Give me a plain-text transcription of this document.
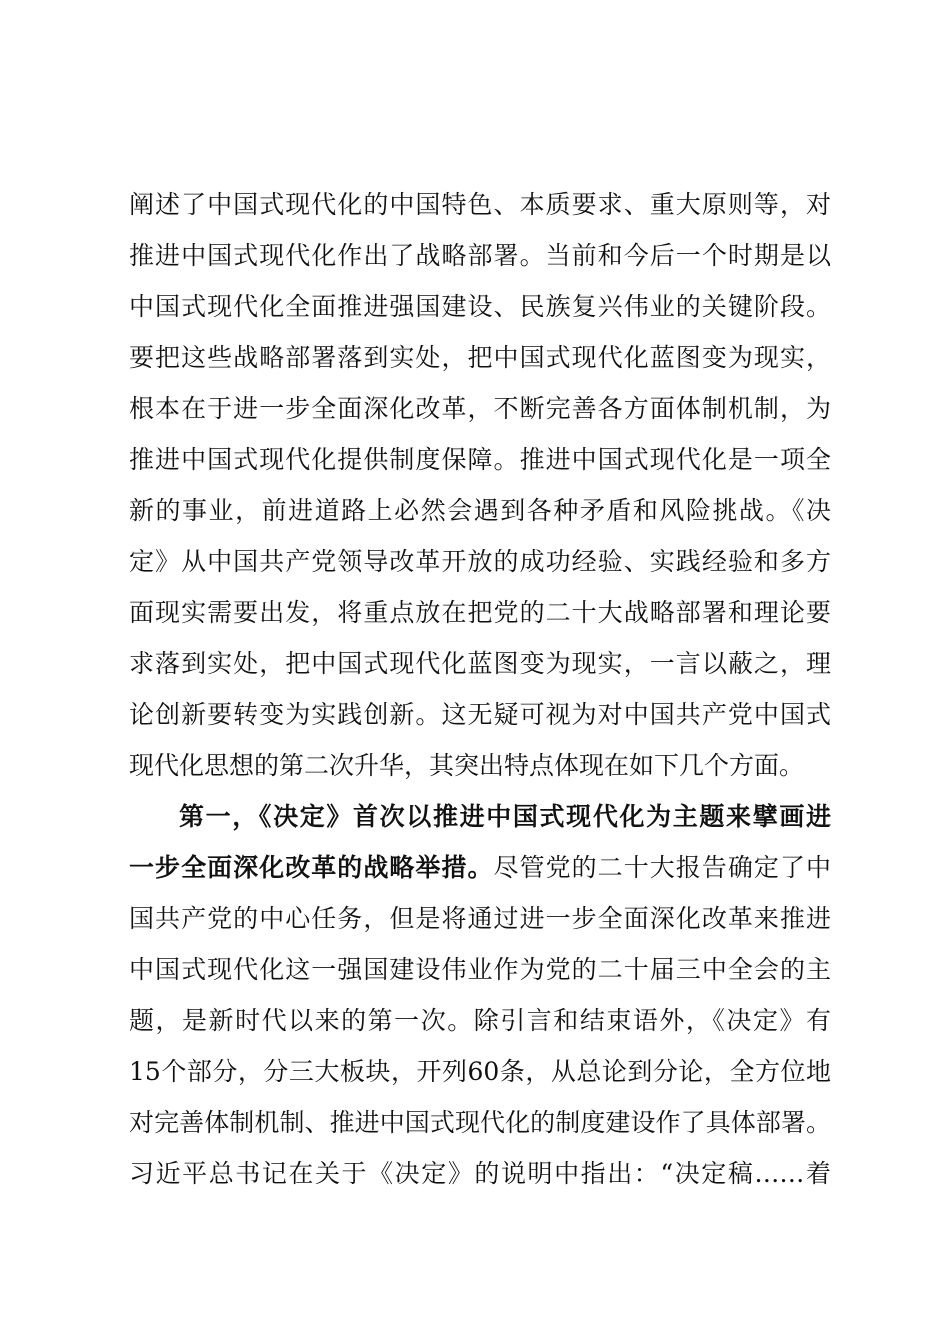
阐述了中国式现代化的中国特色、本质要求、重大原则等，对
推进中国式现代化作出了战略部署。当前和今后一个时期是以
中国式现代化全面推进强国建设、民族复兴伟业的关键阶段。
要把这些战略部署落到实处，把中国式现代化蓝图变为现实，
根本在于进一步全面深化改革，不断完善各方面体制机制，为
推进中国式现代化提供制度保障。推进中国式现代化是一项全
新的事业，前进道路上必然会遇到各种矛盾和风险挑战。《决
定》从中国共产党领导改革开放的成功经验、实践经验和多方
面现实需要出发，将重点放在把党的二十大战略部署和理论要
求落到实处，把中国式现代化蓝图变为现实，一言以蔽之，理
论创新要转变为实践创新。这无疑可视为对中国共产党中国式
现代化思想的第二次升华，其突出特点体现在如下几个方面。
第一，《决定》首次以推进中国式现代化为主题来擘画进
一步全面深化改革的战略举措。尽管党的二十大报告确定了中
国共产党的中心任务，但是将通过进一步全面深化改革来推进
中国式现代化这一强国建设伟业作为党的二十届三中全会的主
题，是新时代以来的第一次。除引言和结束语外，《决定》有
15个部分，分三大板块，开列60条，从总论到分论，全方位地
对完善体制机制、推进中国式现代化的制度建设作了具体部署。
习近平总书记在关于《决定》的说明中指出：“决定稿……着
